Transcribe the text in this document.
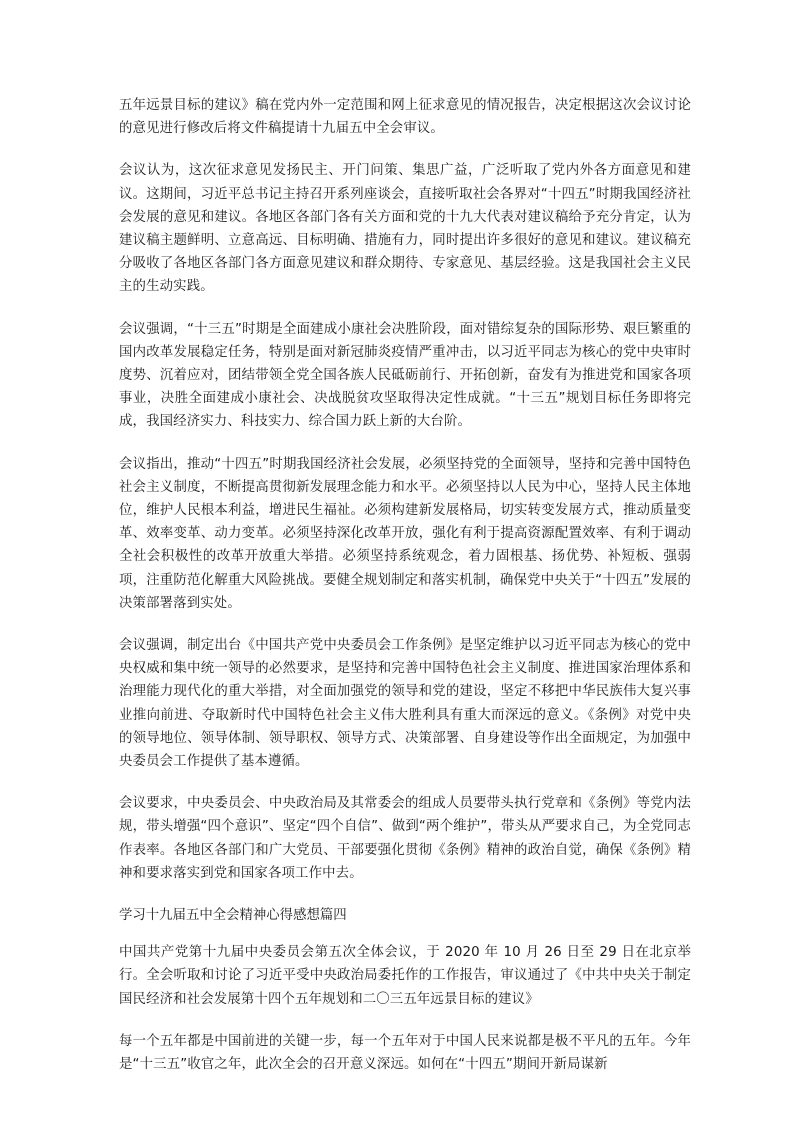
五年远景目标的建议》稿在党内外一定范围和网上征求意见的情况报告，决定根据这次会议讨论的意见进行修改后将文件稿提请十九届五中全会审议。

会议认为，这次征求意见发扬民主、开门问策、集思广益，广泛听取了党内外各方面意见和建议。这期间，习近平总书记主持召开系列座谈会，直接听取社会各界对“十四五”时期我国经济社会发展的意见和建议。各地区各部门各有关方面和党的十九大代表对建议稿给予充分肯定，认为建议稿主题鲜明、立意高远、目标明确、措施有力，同时提出许多很好的意见和建议。建议稿充分吸收了各地区各部门各方面意见建议和群众期待、专家意见、基层经验。这是我国社会主义民主的生动实践。

会议强调，“十三五”时期是全面建成小康社会决胜阶段，面对错综复杂的国际形势、艰巨繁重的国内改革发展稳定任务，特别是面对新冠肺炎疫情严重冲击，以习近平同志为核心的党中央审时度势、沉着应对，团结带领全党全国各族人民砥砺前行、开拓创新，奋发有为推进党和国家各项事业，决胜全面建成小康社会、决战脱贫攻坚取得决定性成就。“十三五”规划目标任务即将完成，我国经济实力、科技实力、综合国力跃上新的大台阶。

会议指出，推动“十四五”时期我国经济社会发展，必须坚持党的全面领导，坚持和完善中国特色社会主义制度，不断提高贯彻新发展理念能力和水平。必须坚持以人民为中心，坚持人民主体地位，维护人民根本利益，增进民生福祉。必须构建新发展格局，切实转变发展方式，推动质量变革、效率变革、动力变革。必须坚持深化改革开放，强化有利于提高资源配置效率、有利于调动全社会积极性的改革开放重大举措。必须坚持系统观念，着力固根基、扬优势、补短板、强弱项，注重防范化解重大风险挑战。要健全规划制定和落实机制，确保党中央关于“十四五”发展的决策部署落到实处。

会议强调，制定出台《中国共产党中央委员会工作条例》是坚定维护以习近平同志为核心的党中央权威和集中统一领导的必然要求，是坚持和完善中国特色社会主义制度、推进国家治理体系和治理能力现代化的重大举措，对全面加强党的领导和党的建设，坚定不移把中华民族伟大复兴事业推向前进、夺取新时代中国特色社会主义伟大胜利具有重大而深远的意义。《条例》对党中央的领导地位、领导体制、领导职权、领导方式、决策部署、自身建设等作出全面规定，为加强中央委员会工作提供了基本遵循。

会议要求，中央委员会、中央政治局及其常委会的组成人员要带头执行党章和《条例》等党内法规，带头增强“四个意识”、坚定“四个自信”、做到“两个维护”，带头从严要求自己，为全党同志作表率。各地区各部门和广大党员、干部要强化贯彻《条例》精神的政治自觉，确保《条例》精神和要求落实到党和国家各项工作中去。

学习十九届五中全会精神心得感想篇四

中国共产党第十九届中央委员会第五次全体会议，于 2020 年 10 月 26 日至 29 日在北京举行。全会听取和讨论了习近平受中央政治局委托作的工作报告，审议通过了《中共中央关于制定国民经济和社会发展第十四个五年规划和二〇三五年远景目标的建议》

每一个五年都是中国前进的关键一步，每一个五年对于中国人民来说都是极不平凡的五年。今年是“十三五”收官之年，此次全会的召开意义深远。如何在“十四五”期间开新局谋新
